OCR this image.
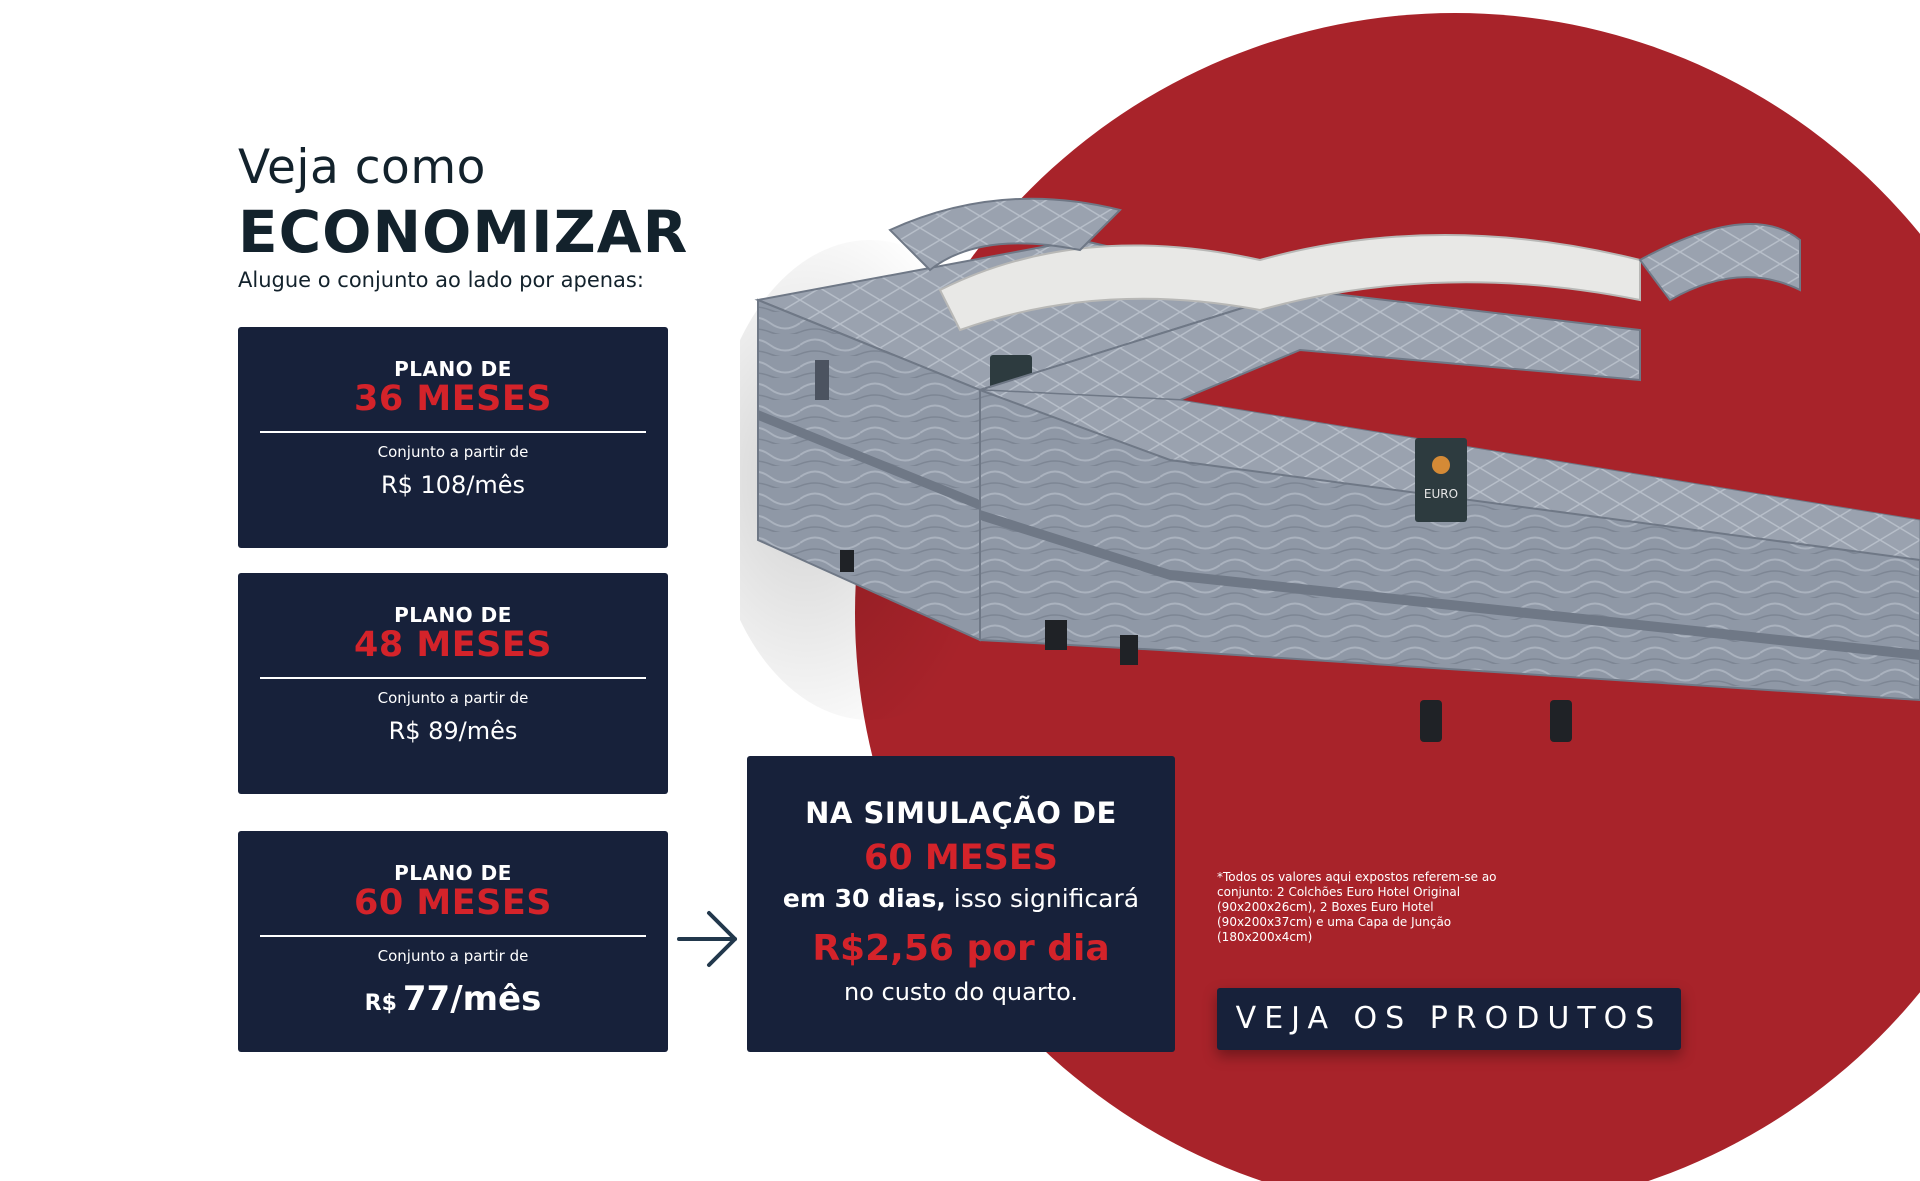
EURO
Veja como
ECONOMIZAR
Alugue o conjunto ao lado por apenas:
PLANO DE
36 MESES
Conjunto a partir de
R$ 108/mês
PLANO DE
48 MESES
Conjunto a partir de
R$ 89/mês
PLANO DE
60 MESES
Conjunto a partir de
R$ 77/mês
NA SIMULAÇÃO DE
60 MESES
em 30 dias, isso significará
R$2,56 por dia
no custo do quarto.
*Todos os valores aqui expostos referem-se ao conjunto: 2 Colchões Euro Hotel Original (90x200x26cm), 2 Boxes Euro Hotel (90x200x37cm) e uma Capa de Junção (180x200x4cm)
VEJA OS PRODUTOS
